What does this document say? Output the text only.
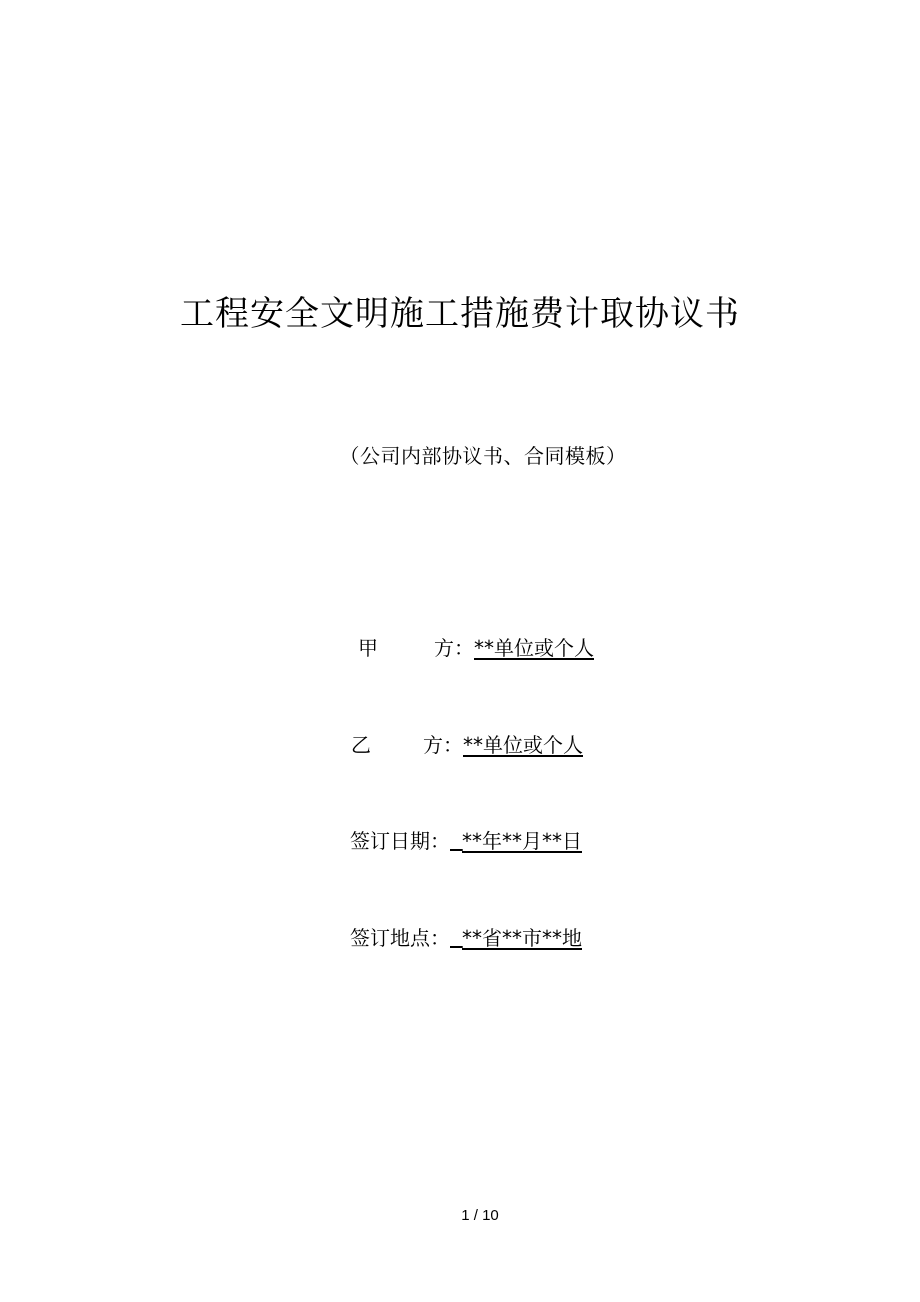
工程安全文明施工措施费计取协议书
（公司内部协议书、合同模板）
甲	方：**单位或个人
乙	方：**单位或个人
签订日期： **年**月**日
签订地点： **省**市**地
1 / 10
